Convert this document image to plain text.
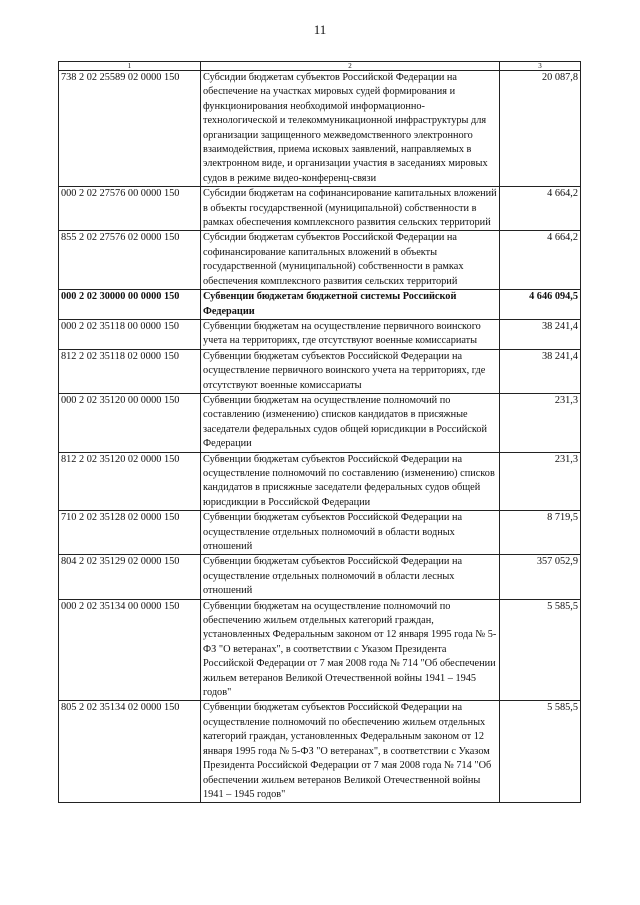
11
1	2	3
738 2 02 25589 02 0000 150	Субсидии бюджетам субъектов Российской Федерации на обеспечение на участках мировых судей формирования и функционирования необходимой информационно-технологической и телекоммуникационной инфраструктуры для организации защищенного межведомственного электронного взаимодействия, приема исковых заявлений, направляемых в электронном виде, и организации участия в заседаниях мировых судов в режиме видео-конференц-связи	20 087,8
000 2 02 27576 00 0000 150	Субсидии бюджетам на софинансирование капитальных вложений в объекты государственной (муниципальной) собственности в рамках обеспечения комплексного развития сельских территорий	4 664,2
855 2 02 27576 02 0000 150	Субсидии бюджетам субъектов Российской Федерации на софинансирование капитальных вложений в объекты государственной (муниципальной) собственности в рамках обеспечения комплексного развития сельских территорий	4 664,2
000 2 02 30000 00 0000 150	Субвенции бюджетам бюджетной системы Российской Федерации	4 646 094,5
000 2 02 35118 00 0000 150	Субвенции бюджетам на осуществление первичного воинского учета на территориях, где отсутствуют военные комиссариаты	38 241,4
812 2 02 35118 02 0000 150	Субвенции бюджетам субъектов Российской Федерации на осуществление первичного воинского учета на территориях, где отсутствуют военные комиссариаты	38 241,4
000 2 02 35120 00 0000 150	Субвенции бюджетам на осуществление полномочий по составлению (изменению) списков кандидатов в присяжные заседатели федеральных судов общей юрисдикции в Российской Федерации	231,3
812 2 02 35120 02 0000 150	Субвенции бюджетам субъектов Российской Федерации на осуществление полномочий по составлению (изменению) списков кандидатов в присяжные заседатели федеральных судов общей юрисдикции в Российской Федерации	231,3
710 2 02 35128 02 0000 150	Субвенции бюджетам субъектов Российской Федерации на осуществление отдельных полномочий в области водных отношений	8 719,5
804 2 02 35129 02 0000 150	Субвенции бюджетам субъектов Российской Федерации на осуществление отдельных полномочий в области лесных отношений	357 052,9
000 2 02 35134 00 0000 150	Субвенции бюджетам на осуществление полномочий по обеспечению жильем отдельных категорий граждан, установленных Федеральным законом от 12 января 1995 года № 5-ФЗ "О ветеранах", в соответствии с Указом Президента Российской Федерации от 7 мая 2008 года № 714 "Об обеспечении жильем ветеранов Великой Отечественной войны 1941 – 1945 годов"	5 585,5
805 2 02 35134 02 0000 150	Субвенции бюджетам субъектов Российской Федерации на осуществление полномочий по обеспечению жильем отдельных категорий граждан, установленных Федеральным законом от 12 января 1995 года № 5-ФЗ "О ветеранах", в соответствии с Указом Президента Российской Федерации от 7 мая 2008 года № 714 "Об обеспечении жильем ветеранов Великой Отечественной войны 1941 – 1945 годов"	5 585,5
